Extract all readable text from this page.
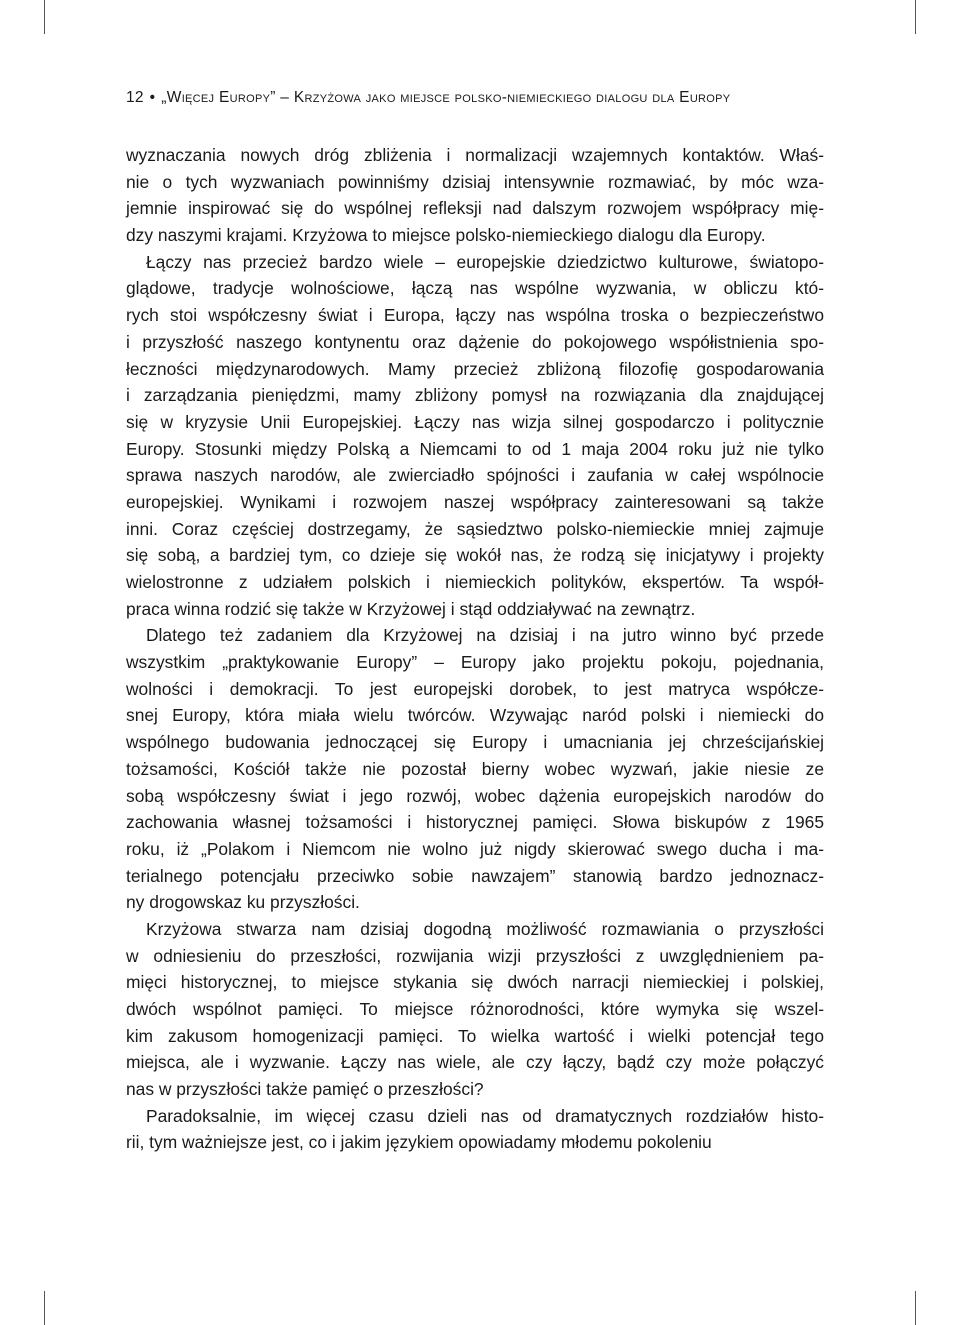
12 • „Więcej Europy” – Krzyżowa jako miejsce polsko-niemieckiego dialogu dla Europy
wyznaczania nowych dróg zbliżenia i normalizacji wzajemnych kontaktów. Właś-
nie o tych wyzwaniach powinniśmy dzisiaj intensywnie rozmawiać, by móc wza-
jemnie inspirować się do wspólnej refleksji nad dalszym rozwojem współpracy mię-
dzy naszymi krajami. Krzyżowa to miejsce polsko-niemieckiego dialogu dla Europy.
Łączy nas przecież bardzo wiele – europejskie dziedzictwo kulturowe, światopo-
glądowe, tradycje wolnościowe, łączą nas wspólne wyzwania, w obliczu któ-
rych stoi współczesny świat i Europa, łączy nas wspólna troska o bezpieczeństwo
i przyszłość naszego kontynentu oraz dążenie do pokojowego współistnienia spo-
łeczności międzynarodowych. Mamy przecież zbliżoną filozofię gospodarowania
i zarządzania pieniędzmi, mamy zbliżony pomysł na rozwiązania dla znajdującej
się w kryzysie Unii Europejskiej. Łączy nas wizja silnej gospodarczo i politycznie
Europy. Stosunki między Polską a Niemcami to od 1 maja 2004 roku już nie tylko
sprawa naszych narodów, ale zwierciadło spójności i zaufania w całej wspólnocie
europejskiej. Wynikami i rozwojem naszej współpracy zainteresowani są także
inni. Coraz częściej dostrzegamy, że sąsiedztwo polsko-niemieckie mniej zajmuje
się sobą, a bardziej tym, co dzieje się wokół nas, że rodzą się inicjatywy i projekty
wielostronne z udziałem polskich i niemieckich polityków, ekspertów. Ta współ-
praca winna rodzić się także w Krzyżowej i stąd oddziaływać na zewnątrz.
Dlatego też zadaniem dla Krzyżowej na dzisiaj i na jutro winno być przede
wszystkim „praktykowanie Europy” – Europy jako projektu pokoju, pojednania,
wolności i demokracji. To jest europejski dorobek, to jest matryca współcze-
snej Europy, która miała wielu twórców. Wzywając naród polski i niemiecki do
wspólnego budowania jednoczącej się Europy i umacniania jej chrześcijańskiej
tożsamości, Kościół także nie pozostał bierny wobec wyzwań, jakie niesie ze
sobą współczesny świat i jego rozwój, wobec dążenia europejskich narodów do
zachowania własnej tożsamości i historycznej pamięci. Słowa biskupów z 1965
roku, iż „Polakom i Niemcom nie wolno już nigdy skierować swego ducha i ma-
terialnego potencjału przeciwko sobie nawzajem” stanowią bardzo jednoznacz-
ny drogowskaz ku przyszłości.
Krzyżowa stwarza nam dzisiaj dogodną możliwość rozmawiania o przyszłości
w odniesieniu do przeszłości, rozwijania wizji przyszłości z uwzględnieniem pa-
mięci historycznej, to miejsce stykania się dwóch narracji niemieckiej i polskiej,
dwóch wspólnot pamięci. To miejsce różnorodności, które wymyka się wszel-
kim zakusom homogenizacji pamięci. To wielka wartość i wielki potencjał tego
miejsca, ale i wyzwanie. Łączy nas wiele, ale czy łączy, bądź czy może połączyć
nas w przyszłości także pamięć o przeszłości?
Paradoksalnie, im więcej czasu dzieli nas od dramatycznych rozdziałów histo-
rii, tym ważniejsze jest, co i jakim językiem opowiadamy młodemu pokoleniu
